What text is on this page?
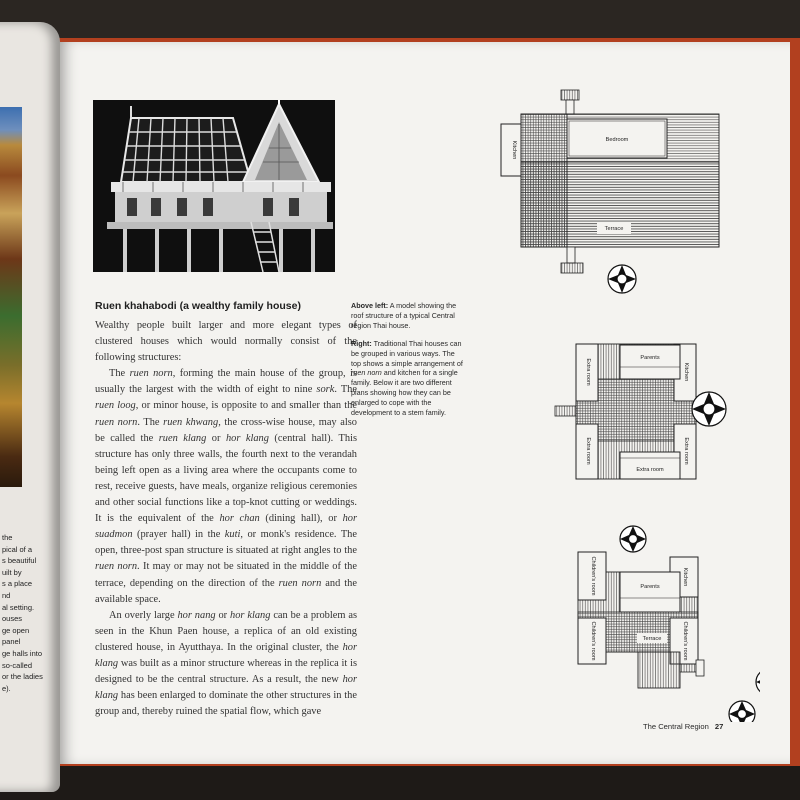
the
pical of a
s beautiful
uilt by
s a place
nd
al setting.
ouses
ge open
panel
ge halls into
so-called
or the ladies
e).
Ruen khahabodi (a wealthy family house)

Wealthy people built larger and more elegant types of clustered houses which would normally consist of the following structures:

The ruen norn, forming the main house of the group, is usually the largest with the width of eight to nine sork. The ruen loog, or minor house, is opposite to and smaller than the ruen norn. The ruen khwang, the cross-wise house, may also be called the ruen klang or hor klang (central hall). This structure has only three walls, the fourth next to the verandah being left open as a living area where the occupants come to rest, receive guests, have meals, organize religious ceremonies and other social functions like a top-knot cutting or weddings. It is the equivalent of the hor chan (dining hall), or hor suadmon (prayer hall) in the kuti, or monk's residence. The open, three-post span structure is situated at right angles to the ruen norn. It may or may not be situated in the middle of the terrace, depending on the direction of the ruen norn and the available space.

An overly large hor nang or hor klang can be a problem as seen in the Khun Paen house, a replica of an old existing clustered house, in Ayutthaya. In the original cluster, the hor klang was built as a minor structure whereas in the replica it is designed to be the central structure. As a result, the new hor klang has been enlarged to dominate the other structures in the group and, thereby ruined the spatial flow, which gave

Above left: A model showing the roof structure of a typical Central region Thai house.

Right: Traditional Thai houses can be grouped in various ways. The top shows a simple arrangement of ruen norn and kitchen for a single family. Below it are two different plans showing how they can be enlarged to cope with the development to a stem family.

Kitchen
Bedroom
Terrace
Extra room
Extra room
Kitchen
Extra room
Parents
Extra room
Children's room
Children's room
Kitchen
Children's room
Parents
Terrace
The Central Region 27
